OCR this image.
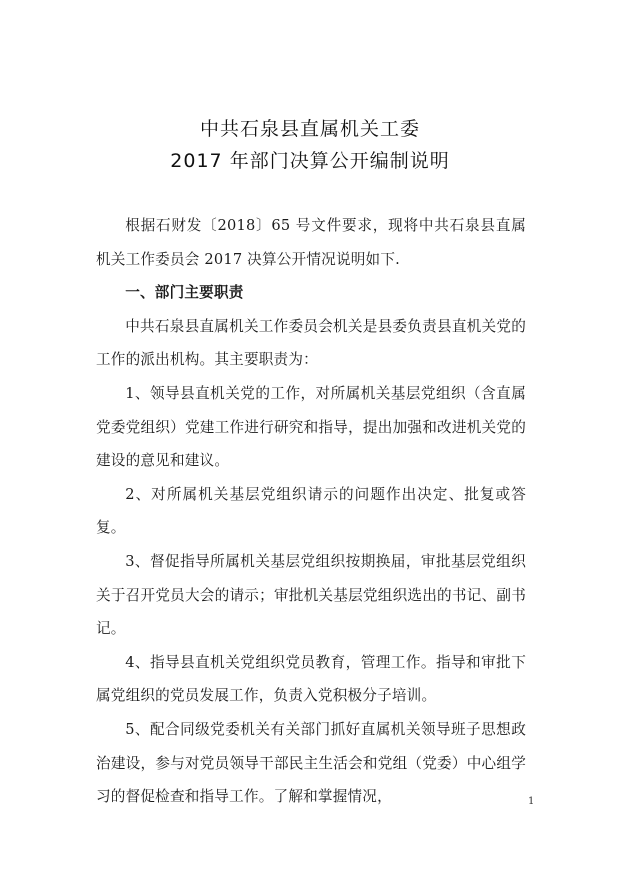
中共石泉县直属机关工委
2017 年部门决算公开编制说明

根据石财发〔2018〕65 号文件要求，现将中共石泉县直属机关工作委员会 2017 决算公开情况说明如下.

一、部门主要职责

中共石泉县直属机关工作委员会机关是县委负责县直机关党的工作的派出机构。其主要职责为：

1、领导县直机关党的工作，对所属机关基层党组织（含直属党委党组织）党建工作进行研究和指导，提出加强和改进机关党的建设的意见和建议。

2、对所属机关基层党组织请示的问题作出决定、批复或答复。

3、督促指导所属机关基层党组织按期换届，审批基层党组织关于召开党员大会的请示；审批机关基层党组织选出的书记、副书记。

4、指导县直机关党组织党员教育，管理工作。指导和审批下属党组织的党员发展工作，负责入党积极分子培训。

5、配合同级党委机关有关部门抓好直属机关领导班子思想政治建设，参与对党员领导干部民主生活会和党组（党委）中心组学习的督促检查和指导工作。了解和掌握情况，	1
